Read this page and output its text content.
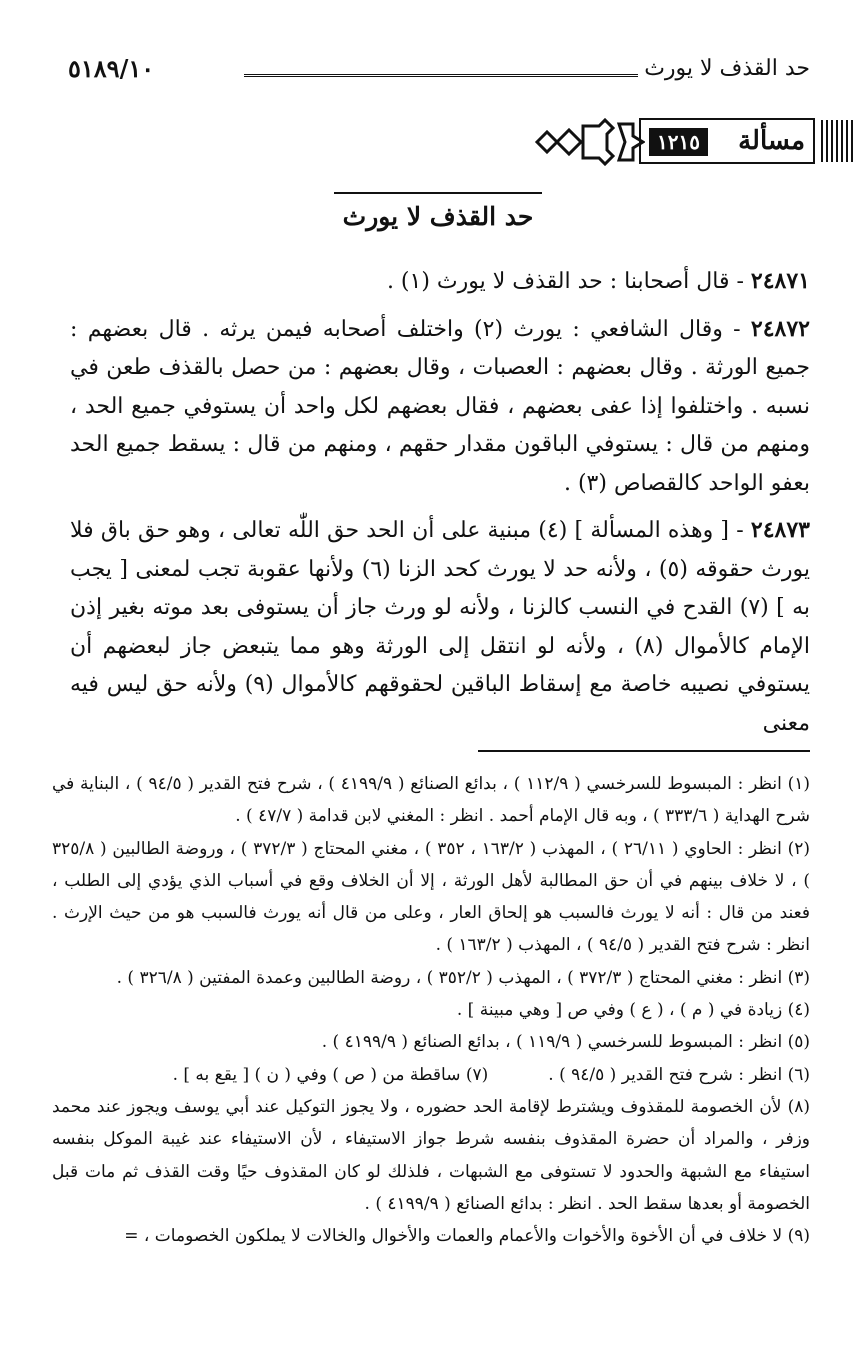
حد القذف لا يورث
٥١٨٩/١٠
مسألة
١٢١٥
حد القذف لا يورث

٢٤٨٧١ - قال أصحابنا : حد القذف لا يورث (١) .

٢٤٨٧٢ - وقال الشافعي : يورث (٢) واختلف أصحابه فيمن يرثه . قال بعضهم : جميع الورثة . وقال بعضهم : العصبات ، وقال بعضهم : من حصل بالقذف طعن في نسبه . واختلفوا إذا عفى بعضهم ، فقال بعضهم لكل واحد أن يستوفي جميع الحد ، ومنهم من قال : يستوفي الباقون مقدار حقهم ، ومنهم من قال : يسقط جميع الحد بعفو الواحد كالقصاص (٣) .

٢٤٨٧٣ - [ وهذه المسألة ] (٤) مبنية على أن الحد حق اللّٰه تعالى ، وهو حق باق فلا يورث حقوقه (٥) ، ولأنه حد لا يورث كحد الزنا (٦) ولأنها عقوبة تجب لمعنى [ يجب به ] (٧) القدح في النسب كالزنا ، ولأنه لو ورث جاز أن يستوفى بعد موته بغير إذن الإمام كالأموال (٨) ، ولأنه لو انتقل إلى الورثة وهو مما يتبعض جاز لبعضهم أن يستوفي نصيبه خاصة مع إسقاط الباقين لحقوقهم كالأموال (٩) ولأنه حق ليس فيه معنى

(١) انظر : المبسوط للسرخسي ( ١١٢/٩ ) ، بدائع الصنائع ( ٤١٩٩/٩ ) ، شرح فتح القدير ( ٩٤/٥ ) ، البناية في شرح الهداية ( ٣٣٣/٦ ) ، وبه قال الإمام أحمد . انظر : المغني لابن قدامة ( ٤٧/٧ ) .

(٢) انظر : الحاوي ( ٢٦/١١ ) ، المهذب ( ١٦٣/٢ ، ٣٥٢ ) ، مغني المحتاج ( ٣٧٢/٣ ) ، وروضة الطالبين ( ٣٢٥/٨ ) ، لا خلاف بينهم في أن حق المطالبة لأهل الورثة ، إلا أن الخلاف وقع في أسباب الذي يؤدي إلى الطلب ، فعند من قال : أنه لا يورث فالسبب هو إلحاق العار ، وعلى من قال أنه يورث فالسبب هو من حيث الإرث . انظر : شرح فتح القدير ( ٩٤/٥ ) ، المهذب ( ١٦٣/٢ ) .

(٣) انظر : مغني المحتاج ( ٣٧٢/٣ ) ، المهذب ( ٣٥٢/٢ ) ، روضة الطالبين وعمدة المفتين ( ٣٢٦/٨ ) .

(٤) زيادة في ( م ) ، ( ع ) وفي ص [ وهي مبينة ] .

(٥) انظر : المبسوط للسرخسي ( ١١٩/٩ ) ، بدائع الصنائع ( ٤١٩٩/٩ ) .

(٦) انظر : شرح فتح القدير ( ٩٤/٥ ) .
(٧) ساقطة من ( ص ) وفي ( ن ) [ يقع به ] .

(٨) لأن الخصومة للمقذوف ويشترط لإقامة الحد حضوره ، ولا يجوز التوكيل عند أبي يوسف ويجوز عند محمد وزفر ، والمراد أن حضرة المقذوف بنفسه شرط جواز الاستيفاء ، لأن الاستيفاء عند غيبة الموكل بنفسه استيفاء مع الشبهة والحدود لا تستوفى مع الشبهات ، فلذلك لو كان المقذوف حيًا وقت القذف ثم مات قبل الخصومة أو بعدها سقط الحد . انظر : بدائع الصنائع ( ٤١٩٩/٩ ) .

(٩) لا خلاف في أن الأخوة والأخوات والأعمام والعمات والأخوال والخالات لا يملكون الخصومات ، =
